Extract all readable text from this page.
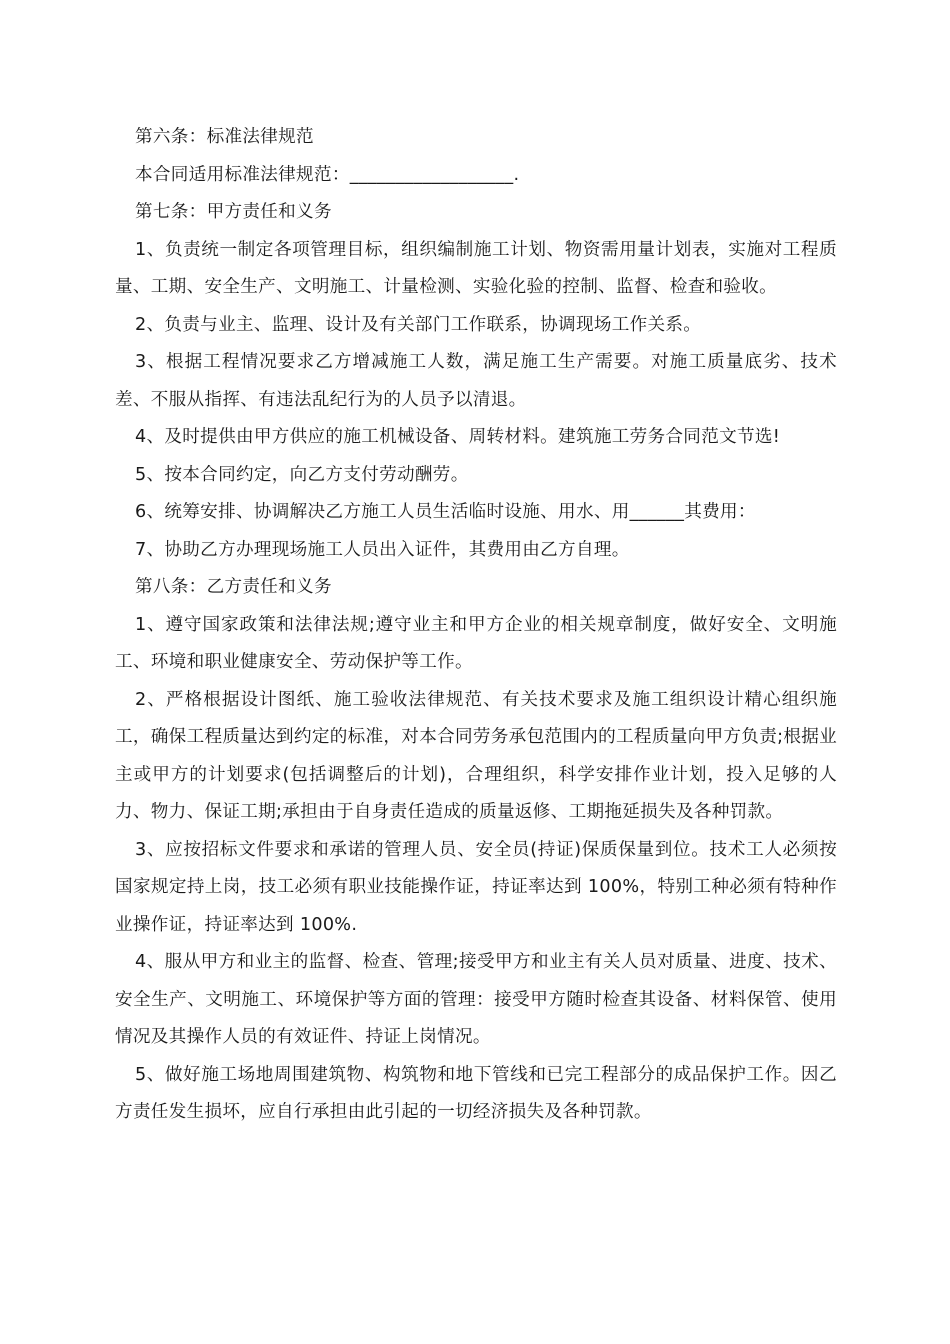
第六条：标准法律规范

本合同适用标准法律规范：__________________.

第七条：甲方责任和义务

1、负责统一制定各项管理目标，组织编制施工计划、物资需用量计划表，实施对工程质量、工期、安全生产、文明施工、计量检测、实验化验的控制、监督、检查和验收。

2、负责与业主、监理、设计及有关部门工作联系，协调现场工作关系。

3、根据工程情况要求乙方增减施工人数，满足施工生产需要。对施工质量底劣、技术差、不服从指挥、有违法乱纪行为的人员予以清退。

4、及时提供由甲方供应的施工机械设备、周转材料。建筑施工劳务合同范文节选!

5、按本合同约定，向乙方支付劳动酬劳。

6、统筹安排、协调解决乙方施工人员生活临时设施、用水、用______其费用：

7、协助乙方办理现场施工人员出入证件，其费用由乙方自理。

第八条：乙方责任和义务

1、遵守国家政策和法律法规;遵守业主和甲方企业的相关规章制度，做好安全、文明施工、环境和职业健康安全、劳动保护等工作。

2、严格根据设计图纸、施工验收法律规范、有关技术要求及施工组织设计精心组织施工，确保工程质量达到约定的标准，对本合同劳务承包范围内的工程质量向甲方负责;根据业主或甲方的计划要求(包括调整后的计划)，合理组织，科学安排作业计划，投入足够的人力、物力、保证工期;承担由于自身责任造成的质量返修、工期拖延损失及各种罚款。

3、应按招标文件要求和承诺的管理人员、安全员(持证)保质保量到位。技术工人必须按国家规定持上岗，技工必须有职业技能操作证，持证率达到 100%，特别工种必须有特种作业操作证，持证率达到 100%.

4、服从甲方和业主的监督、检查、管理;接受甲方和业主有关人员对质量、进度、技术、安全生产、文明施工、环境保护等方面的管理：接受甲方随时检查其设备、材料保管、使用情况及其操作人员的有效证件、持证上岗情况。

5、做好施工场地周围建筑物、构筑物和地下管线和已完工程部分的成品保护工作。因乙方责任发生损坏，应自行承担由此引起的一切经济损失及各种罚款。
